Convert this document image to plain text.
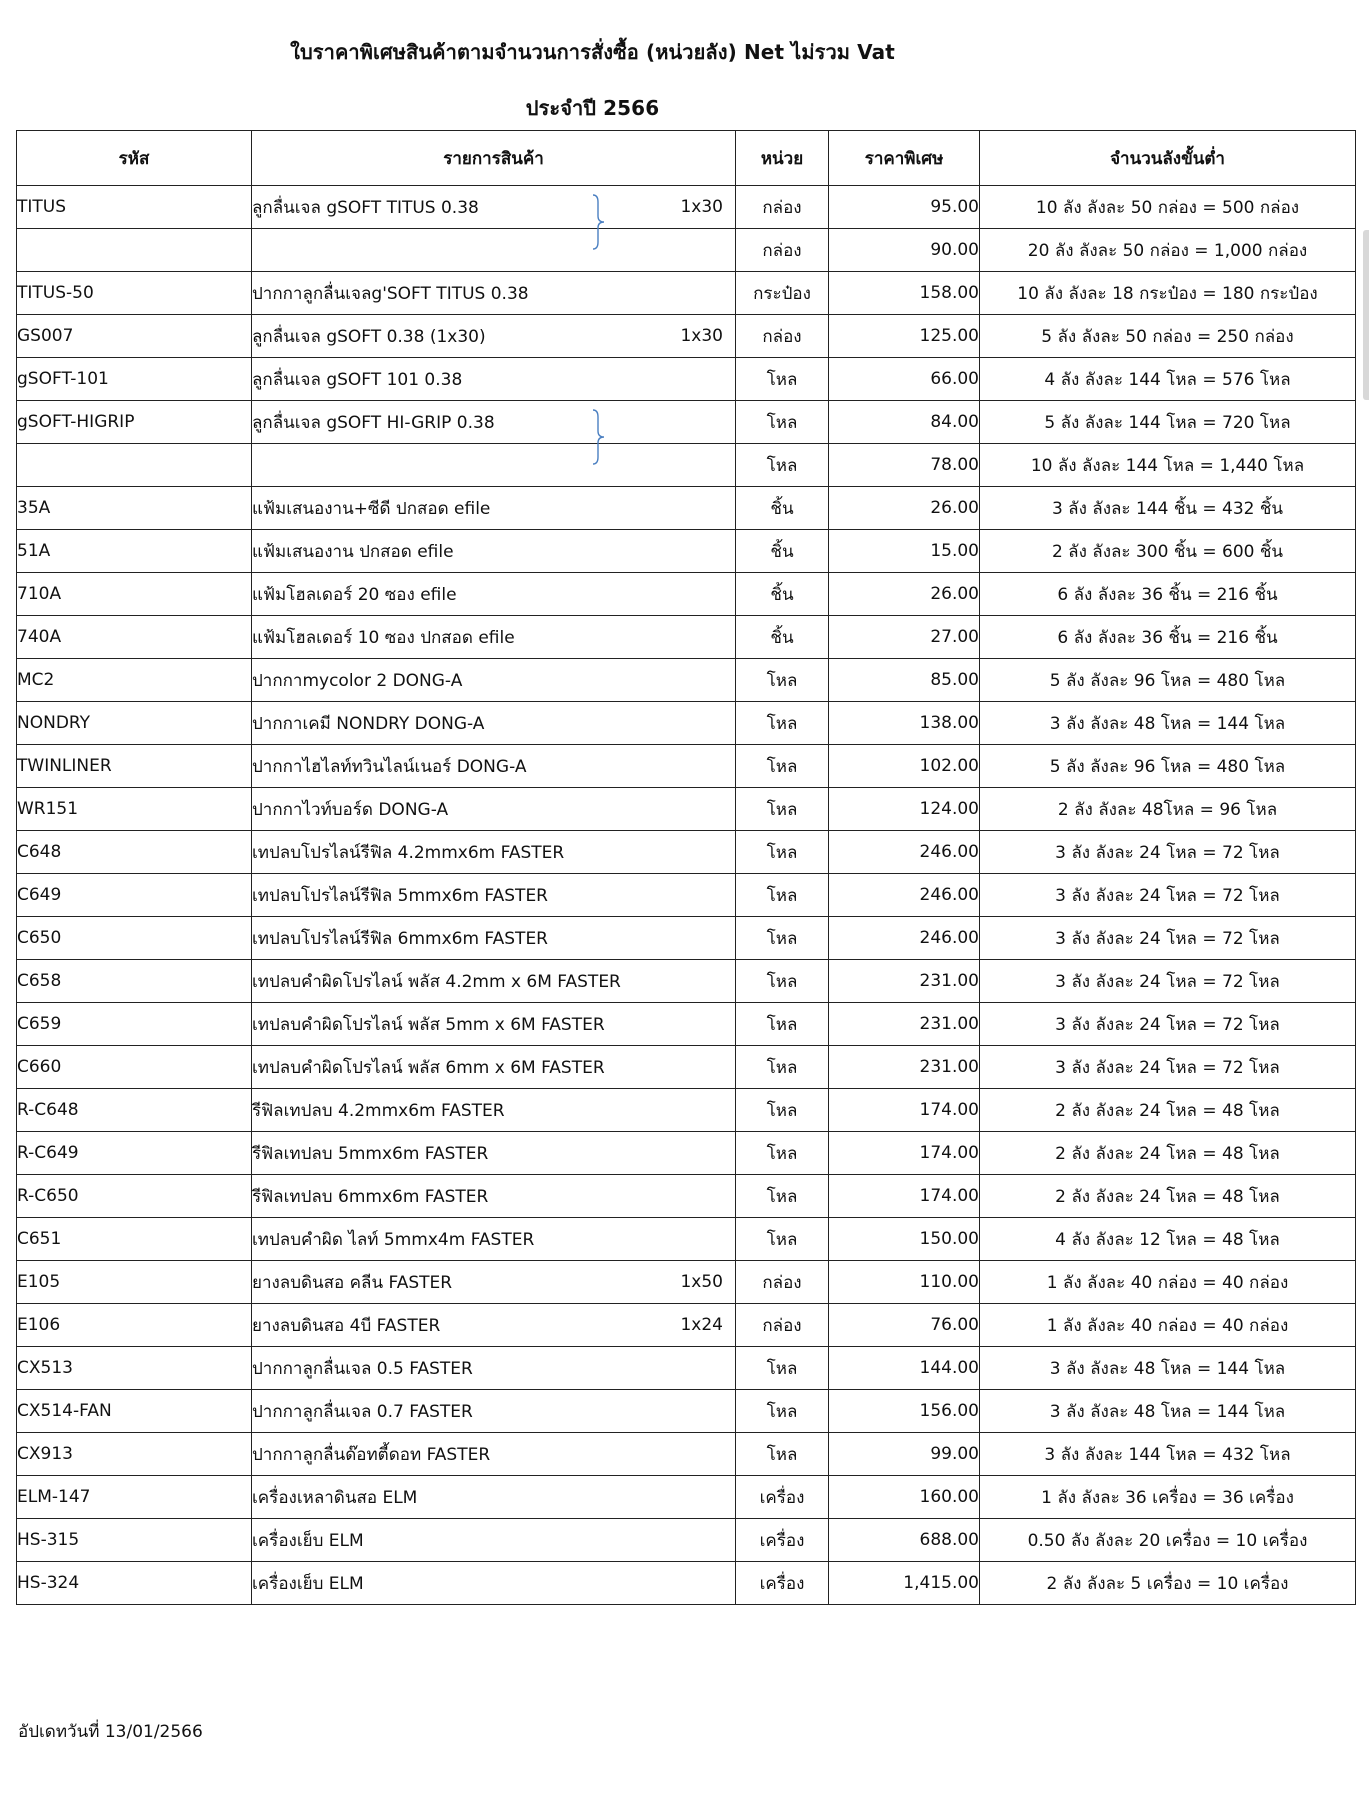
ใบราคาพิเศษสินค้าตามจำนวนการสั่งซื้อ (หน่วยลัง) Net ไม่รวม Vat
ประจำปี 2566
รหัส	รายการสินค้า	หน่วย	ราคาพิเศษ	จำนวนลังขั้นต่ำ
TITUS	ลูกลื่นเจล gSOFT TITUS 0.38 1x30	กล่อง	95.00	10 ลัง ลังละ 50 กล่อง = 500 กล่อง
		กล่อง	90.00	20 ลัง ลังละ 50 กล่อง = 1,000 กล่อง
TITUS-50	ปากกาลูกลื่นเจลg'SOFT TITUS 0.38	กระป๋อง	158.00	10 ลัง ลังละ 18 กระป๋อง = 180 กระป๋อง
GS007	ลูกลื่นเจล gSOFT 0.38 (1x30) 1x30	กล่อง	125.00	5 ลัง ลังละ 50 กล่อง = 250 กล่อง
gSOFT-101	ลูกลื่นเจล gSOFT 101 0.38	โหล	66.00	4 ลัง ลังละ 144 โหล = 576 โหล
gSOFT-HIGRIP	ลูกลื่นเจล gSOFT HI-GRIP 0.38	โหล	84.00	5 ลัง ลังละ 144 โหล = 720 โหล
		โหล	78.00	10 ลัง ลังละ 144 โหล = 1,440 โหล
35A	แฟ้มเสนองาน+ซีดี ปกสอด efile	ชิ้น	26.00	3 ลัง ลังละ 144 ชิ้น = 432 ชิ้น
51A	แฟ้มเสนองาน ปกสอด efile	ชิ้น	15.00	2 ลัง ลังละ 300 ชิ้น = 600 ชิ้น
710A	แฟ้มโฮลเดอร์ 20 ซอง efile	ชิ้น	26.00	6 ลัง ลังละ 36 ชิ้น = 216 ชิ้น
740A	แฟ้มโฮลเดอร์ 10 ซอง ปกสอด efile	ชิ้น	27.00	6 ลัง ลังละ 36 ชิ้น = 216 ชิ้น
MC2	ปากกาmycolor 2 DONG-A	โหล	85.00	5 ลัง ลังละ 96 โหล = 480 โหล
NONDRY	ปากกาเคมี NONDRY DONG-A	โหล	138.00	3 ลัง ลังละ 48 โหล = 144 โหล
TWINLINER	ปากกาไฮไลท์ทวินไลน์เนอร์ DONG-A	โหล	102.00	5 ลัง ลังละ 96 โหล = 480 โหล
WR151	ปากกาไวท์บอร์ด DONG-A	โหล	124.00	2 ลัง ลังละ 48โหล = 96 โหล
C648	เทปลบโปรไลน์รีฟิล 4.2mmx6m FASTER	โหล	246.00	3 ลัง ลังละ 24 โหล = 72 โหล
C649	เทปลบโปรไลน์รีฟิล 5mmx6m FASTER	โหล	246.00	3 ลัง ลังละ 24 โหล = 72 โหล
C650	เทปลบโปรไลน์รีฟิล 6mmx6m FASTER	โหล	246.00	3 ลัง ลังละ 24 โหล = 72 โหล
C658	เทปลบคำผิดโปรไลน์ พลัส 4.2mm x 6M FASTER	โหล	231.00	3 ลัง ลังละ 24 โหล = 72 โหล
C659	เทปลบคำผิดโปรไลน์ พลัส 5mm x 6M FASTER	โหล	231.00	3 ลัง ลังละ 24 โหล = 72 โหล
C660	เทปลบคำผิดโปรไลน์ พลัส 6mm x 6M FASTER	โหล	231.00	3 ลัง ลังละ 24 โหล = 72 โหล
R-C648	รีฟิลเทปลบ 4.2mmx6m FASTER	โหล	174.00	2 ลัง ลังละ 24 โหล = 48 โหล
R-C649	รีฟิลเทปลบ 5mmx6m FASTER	โหล	174.00	2 ลัง ลังละ 24 โหล = 48 โหล
R-C650	รีฟิลเทปลบ 6mmx6m FASTER	โหล	174.00	2 ลัง ลังละ 24 โหล = 48 โหล
C651	เทปลบคำผิด ไลท์ 5mmx4m FASTER	โหล	150.00	4 ลัง ลังละ 12 โหล = 48 โหล
E105	ยางลบดินสอ คลีน FASTER 1x50	กล่อง	110.00	1 ลัง ลังละ 40 กล่อง = 40 กล่อง
E106	ยางลบดินสอ 4บี FASTER 1x24	กล่อง	76.00	1 ลัง ลังละ 40 กล่อง = 40 กล่อง
CX513	ปากกาลูกลื่นเจล 0.5 FASTER	โหล	144.00	3 ลัง ลังละ 48 โหล = 144 โหล
CX514-FAN	ปากกาลูกลื่นเจล 0.7 FASTER	โหล	156.00	3 ลัง ลังละ 48 โหล = 144 โหล
CX913	ปากกาลูกลื่นด๊อทตี้ดอท FASTER	โหล	99.00	3 ลัง ลังละ 144 โหล = 432 โหล
ELM-147	เครื่องเหลาดินสอ ELM	เครื่อง	160.00	1 ลัง ลังละ 36 เครื่อง = 36 เครื่อง
HS-315	เครื่องเย็บ ELM	เครื่อง	688.00	0.50 ลัง ลังละ 20 เครื่อง = 10 เครื่อง
HS-324	เครื่องเย็บ ELM	เครื่อง	1,415.00	2 ลัง ลังละ 5 เครื่อง = 10 เครื่อง
อัปเดทวันที่ 13/01/2566
